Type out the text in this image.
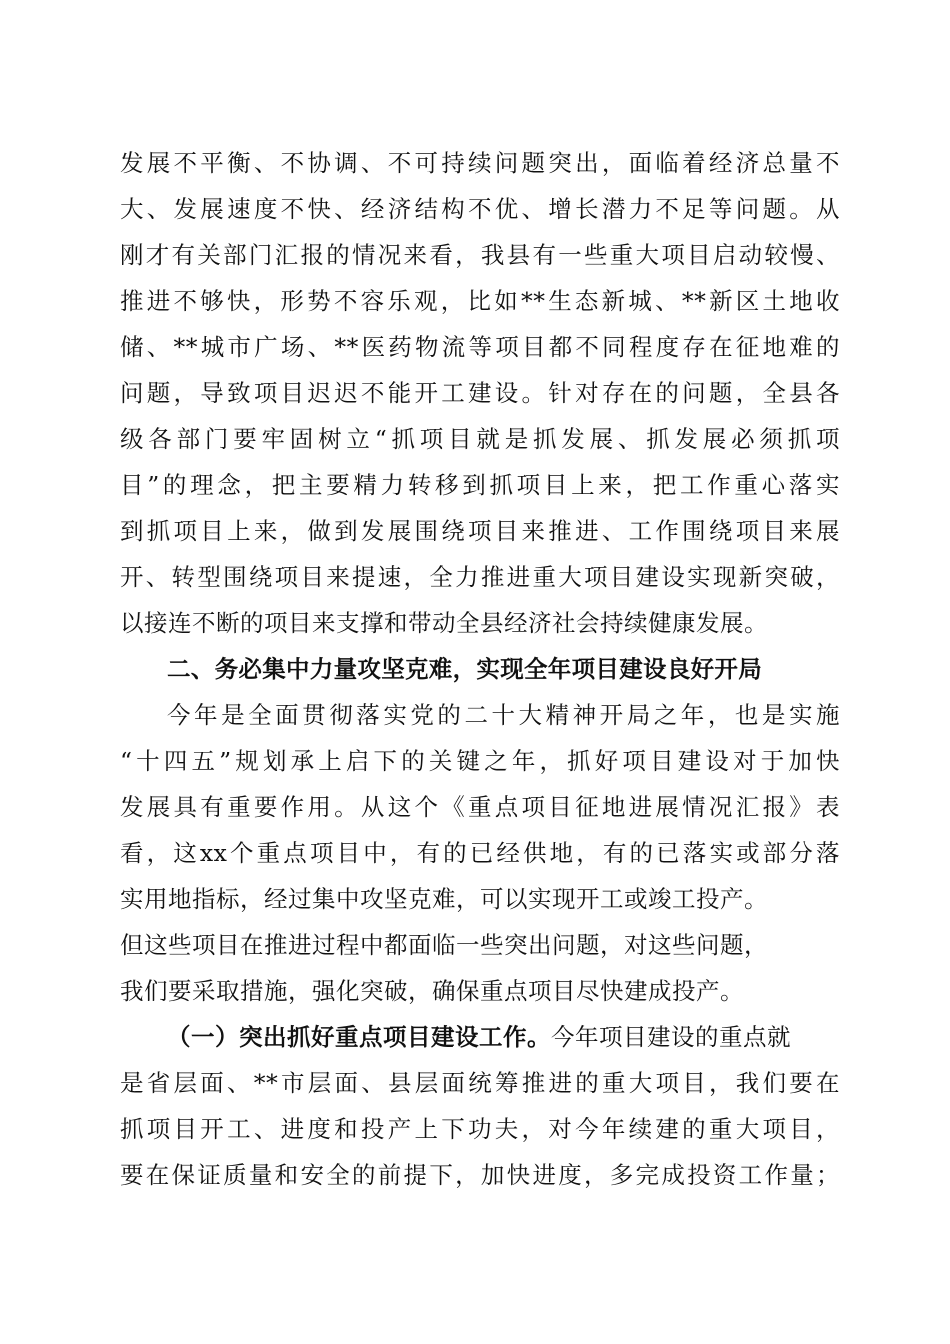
发展不平衡、不协调、不可持续问题突出，面临着经济总量不
大、发展速度不快、经济结构不优、增长潜力不足等问题。从
刚才有关部门汇报的情况来看，我县有一些重大项目启动较慢、
推进不够快，形势不容乐观，比如**生态新城、**新区土地收
储、**城市广场、**医药物流等项目都不同程度存在征地难的
问题，导致项目迟迟不能开工建设。针对存在的问题，全县各
级各部门要牢固树立“抓项目就是抓发展、抓发展必须抓项
目”的理念，把主要精力转移到抓项目上来，把工作重心落实
到抓项目上来，做到发展围绕项目来推进、工作围绕项目来展
开、转型围绕项目来提速，全力推进重大项目建设实现新突破，
以接连不断的项目来支撑和带动全县经济社会持续健康发展。
二、务必集中力量攻坚克难，实现全年项目建设良好开局
今年是全面贯彻落实党的二十大精神开局之年，也是实施
“十四五”规划承上启下的关键之年，抓好项目建设对于加快
发展具有重要作用。从这个《重点项目征地进展情况汇报》表
看，这xx个重点项目中，有的已经供地，有的已落实或部分落
实用地指标，经过集中攻坚克难，可以实现开工或竣工投产。
但这些项目在推进过程中都面临一些突出问题，对这些问题，
我们要采取措施，强化突破，确保重点项目尽快建成投产。
（一）突出抓好重点项目建设工作。今年项目建设的重点就
是省层面、**市层面、县层面统筹推进的重大项目，我们要在
抓项目开工、进度和投产上下功夫，对今年续建的重大项目，
要在保证质量和安全的前提下，加快进度，多完成投资工作量；
